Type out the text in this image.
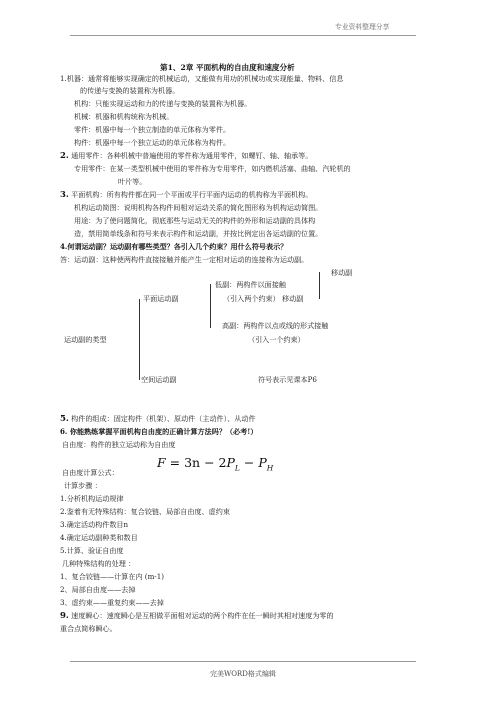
专业资料整理分享
第1、2章 平面机构的自由度和速度分析
1.机器：通常将能够实现确定的机械运动，又能做有用功的机械功或实现能量、物料、信息
的传递与变换的装置称为机器。
机构：只能实现运动和力的传递与变换的装置称为机器。
机械：机器和机构统称为机械。
零件：机器中每一个独立制造的单元体称为零件。
构件：机器中每一个独立运动的单元体称为构件。
2. 通用零件：各种机械中普遍使用的零件称为通用零件，如螺钉、轴、轴承等。
专用零件：在某一类型机械中使用的零件称为专用零件，如内燃机活塞、曲轴、汽轮机的
叶片等。
3. 平面机构：所有构件都在同一个平面或平行平面内运动的机构称为平面机构。
机构运动简图：说明机构各构件间相对运动关系的简化图形称为机构运动简图。
用途：为了使问题简化，彻底那些与运动无关的构件的外形和运动副的具体构
造，禁用简单线条和符号来表示构件和运动副，并按比例定出各运动副的位置。
4.何谓运动副？运动副有哪些类型？各引入几个约束？用什么符号表示？
答：运动副：这种使两构件直接接触并能产生一定相对运动的连接称为运动副。
移动副
低副：两构件以面接触
平面运动副	（引入两个约束） 移动副
高副：两构件以点或线的形式接触
运动副的类型	（引入一个约束）
空间运动副	符号表示见课本P6
5. 构件的组成：固定构件（机架）、原动件（主动件）、从动件
6. 你能熟练掌握平面机构自由度的正确计算方法吗？（必考!）
自由度：构件的独立运动称为自由度
自由度计算公式：
$F = 3n - 2P_L - P_H$
计算步骤 ：
1.分析机构运动规律
2.鉴着有无特殊结构：复合铰链、局部自由度、虚约束
3.确定活动构件数目n
4.确定运动副种类和数目
5.计算、验证自由度
几种特殊结构的处理 ：
1、复合铰链——计算在内 (m-1)
2、局部自由度——去掉
3、虚约束——重复约束——去掉
9. 速度瞬心：速度瞬心是互相做平面相对运动的两个构件在任一瞬时其相对速度为零的
重合点简称瞬心。
完美WORD格式编辑
